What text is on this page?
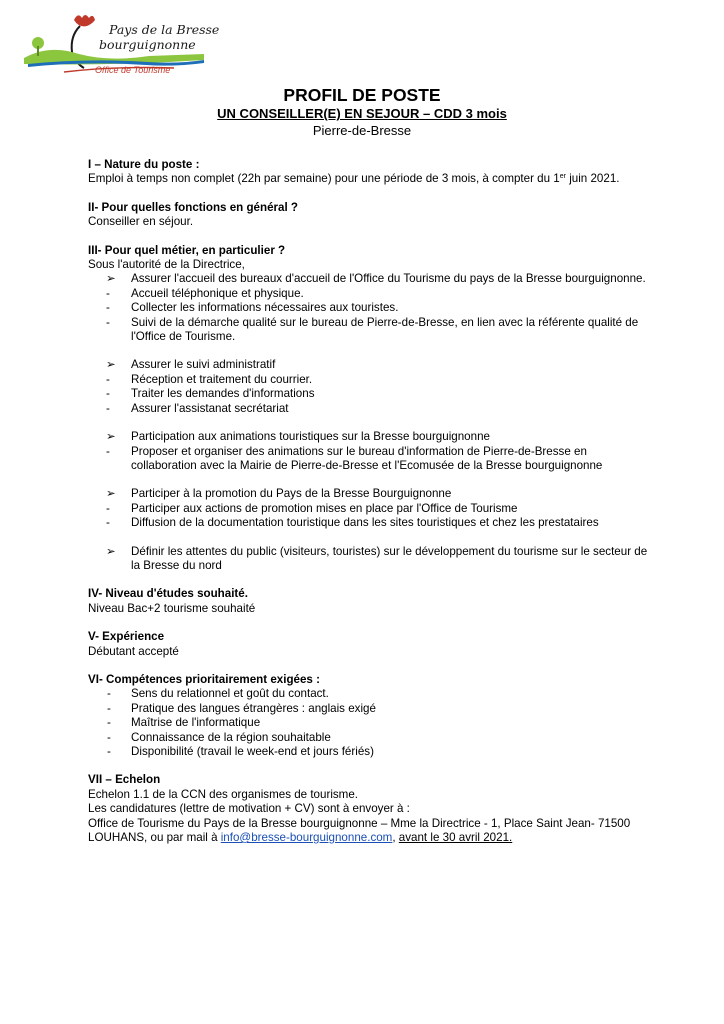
Pays de la Bresse
bourguignonne
Office de Tourisme
PROFIL DE POSTE
UN CONSEILLER(E) EN SEJOUR – CDD 3 mois
Pierre-de-Bresse
I – Nature du poste :
Emploi à temps non complet (22h par semaine) pour une période de 3 mois, à compter du 1er juin 2021.
II- Pour quelles fonctions en général ?
Conseiller en séjour.
III- Pour quel métier, en particulier ?
Sous l'autorité de la Directrice,
➢ Assurer l'accueil des bureaux d'accueil de l'Office du Tourisme du pays de la Bresse bourguignonne.
- Accueil téléphonique et physique.
- Collecter les informations nécessaires aux touristes.
- Suivi de la démarche qualité sur le bureau de Pierre-de-Bresse, en lien avec la référente qualité de l'Office de Tourisme.
➢ Assurer le suivi administratif
- Réception et traitement du courrier.
- Traiter les demandes d'informations
- Assurer l'assistanat secrétariat
➢ Participation aux animations touristiques sur la Bresse bourguignonne
- Proposer et organiser des animations sur le bureau d'information de Pierre-de-Bresse en collaboration avec la Mairie de Pierre-de-Bresse et l'Ecomusée de la Bresse bourguignonne
➢ Participer à la promotion du Pays de la Bresse Bourguignonne
- Participer aux actions de promotion mises en place par l'Office de Tourisme
- Diffusion de la documentation touristique dans les sites touristiques et chez les prestataires
➢ Définir les attentes du public (visiteurs, touristes) sur le développement du tourisme sur le secteur de la Bresse du nord
IV- Niveau d'études souhaité.
Niveau Bac+2 tourisme souhaité
V- Expérience
Débutant accepté
VI- Compétences prioritairement exigées :
- Sens du relationnel et goût du contact.
- Pratique des langues étrangères : anglais exigé
- Maîtrise de l'informatique
- Connaissance de la région souhaitable
- Disponibilité (travail le week-end et jours fériés)
VII – Echelon
Echelon 1.1 de la CCN des organismes de tourisme.
Les candidatures (lettre de motivation + CV) sont à envoyer à :
Office de Tourisme du Pays de la Bresse bourguignonne – Mme la Directrice - 1, Place Saint Jean- 71500 LOUHANS, ou par mail à info@bresse-bourguignonne.com, avant le 30 avril 2021.
